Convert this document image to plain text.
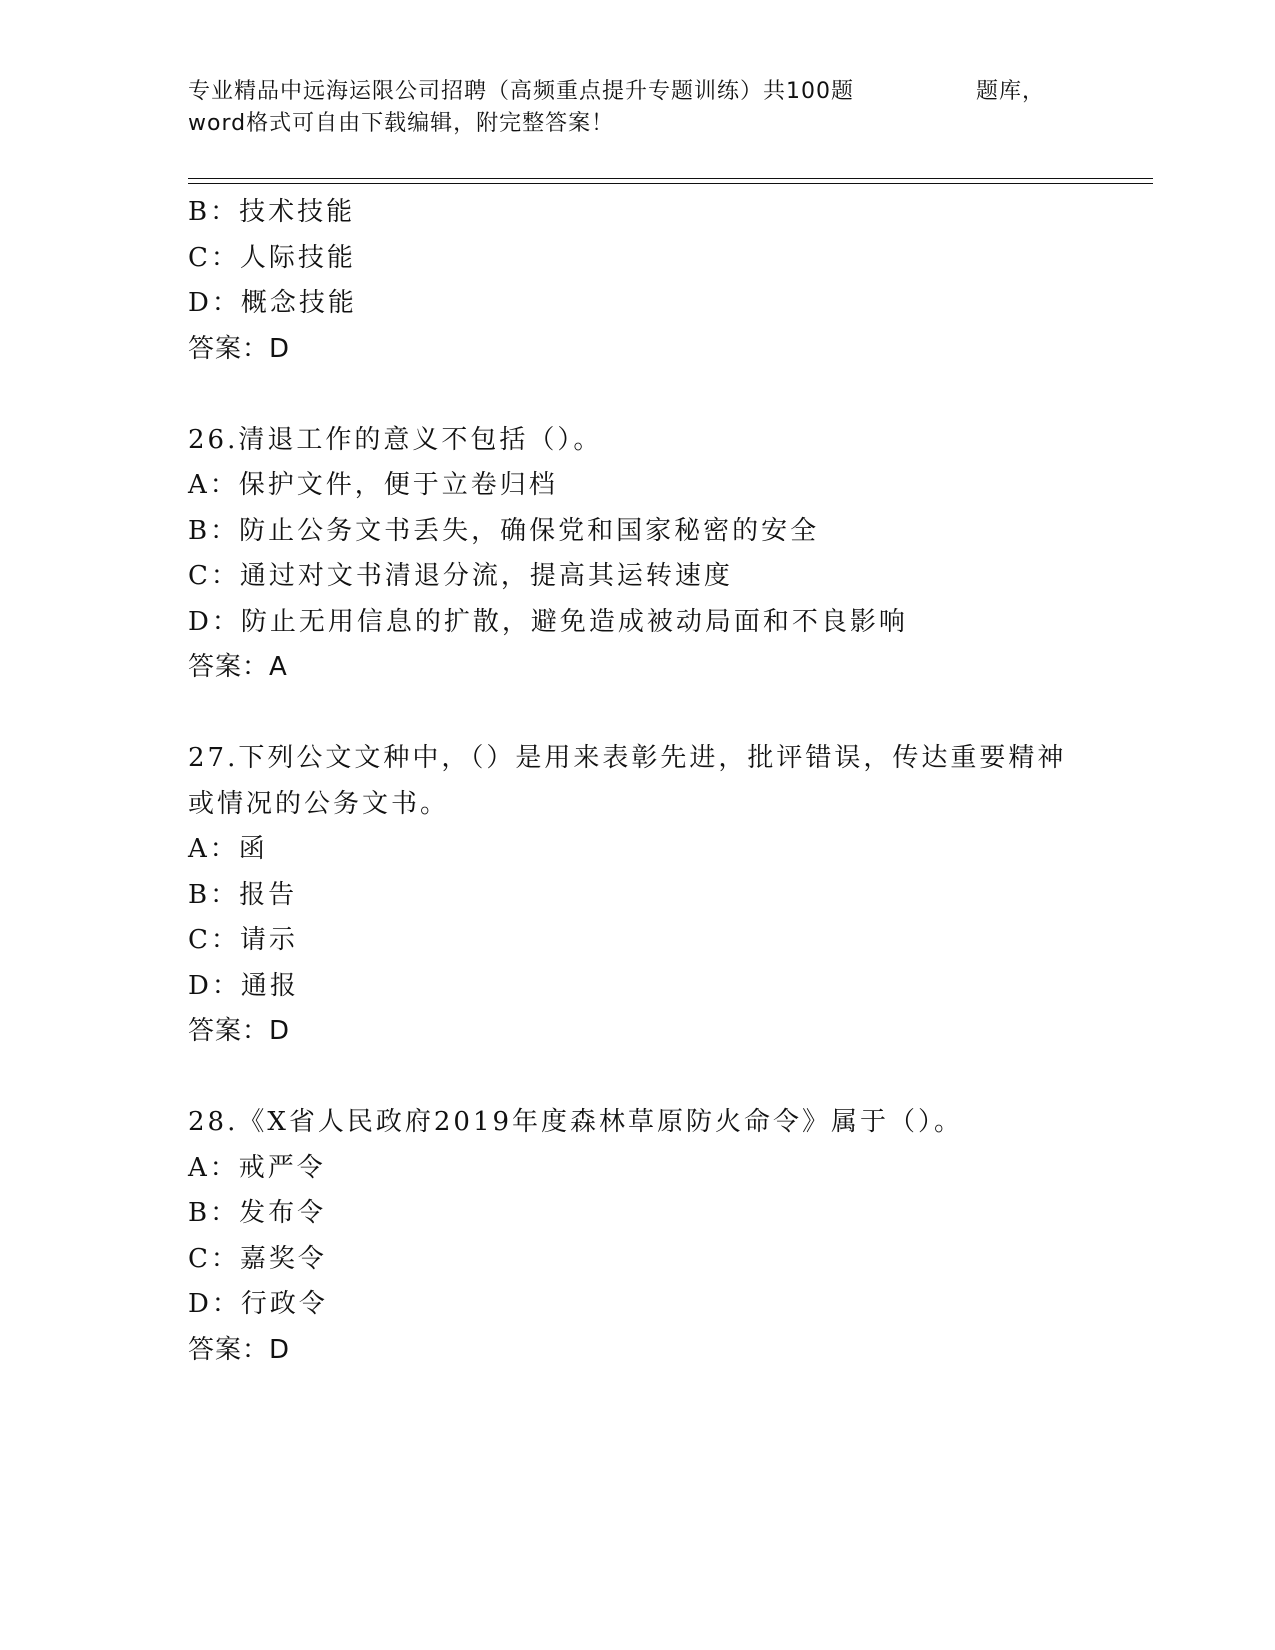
专业精品中远海运限公司招聘（高频重点提升专题训练）共100题	题库，
word格式可自由下载编辑，附完整答案！
B：技术技能
C：人际技能
D：概念技能
答案：D
26.清退工作的意义不包括（）。
A：保护文件，便于立卷归档
B：防止公务文书丢失，确保党和国家秘密的安全
C：通过对文书清退分流，提高其运转速度
D：防止无用信息的扩散，避免造成被动局面和不良影响
答案：A
27.下列公文文种中，（）是用来表彰先进，批评错误，传达重要精神
或情况的公务文书。
A：函
B：报告
C：请示
D：通报
答案：D
28.《X省人民政府2019年度森林草原防火命令》属于（）。
A：戒严令
B：发布令
C：嘉奖令
D：行政令
答案：D
